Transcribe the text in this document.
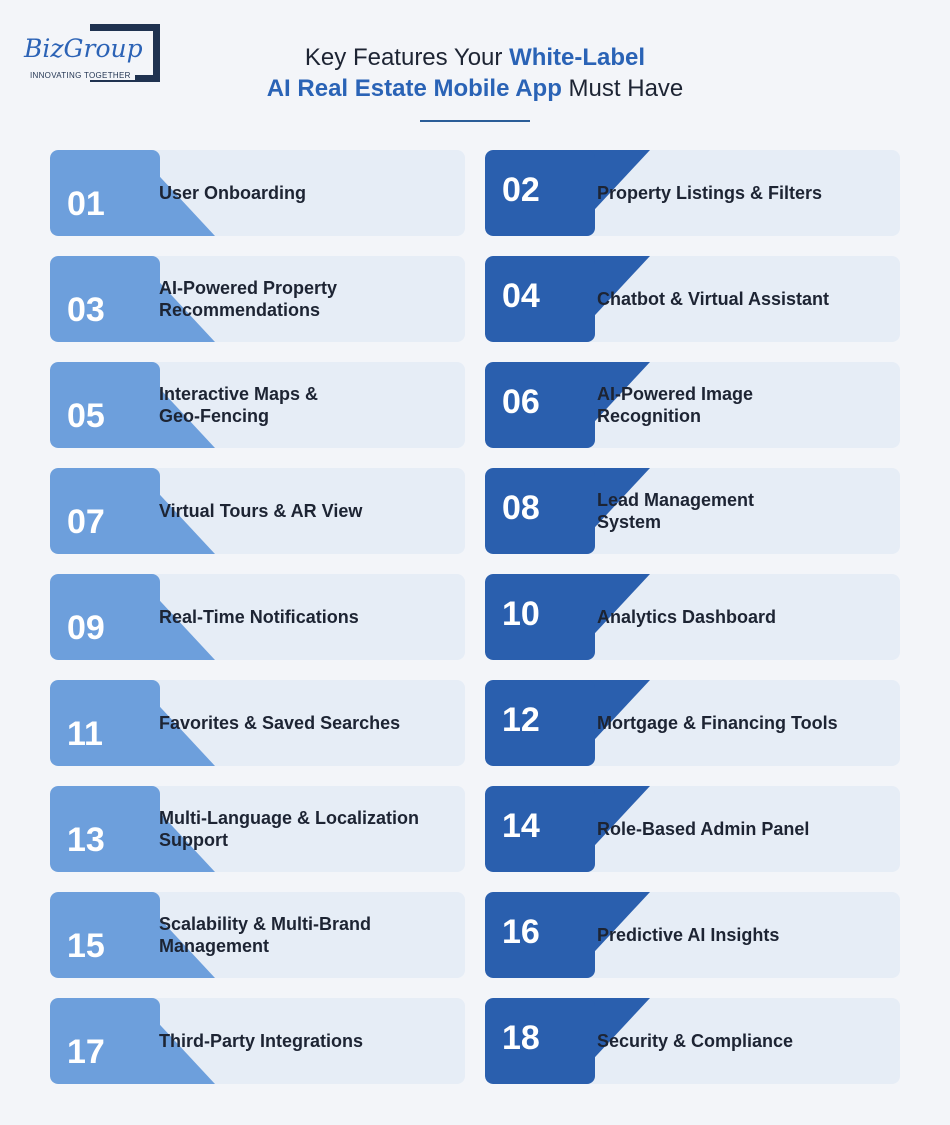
BizGroup
INNOVATING TOGETHER
Key Features Your White-Label
AI Real Estate Mobile App Must Have
01	User Onboarding	02	Property Listings & Filters
03
AI-Powered Property
Recommendations	04	Chatbot & Virtual Assistant
05
Interactive Maps &
Geo-Fencing	06	AI-Powered Image
Recognition
07	Virtual Tours & AR View	08	Lead Management
System
09	Real-Time Notifications	10	Analytics Dashboard
11	Favorites & Saved Searches	12	Mortgage & Financing Tools
13
Multi-Language & Localization
Support	14	Role-Based Admin Panel
15
Scalability & Multi-Brand
Management	16	Predictive AI Insights
17	Third-Party Integrations	18	Security & Compliance
